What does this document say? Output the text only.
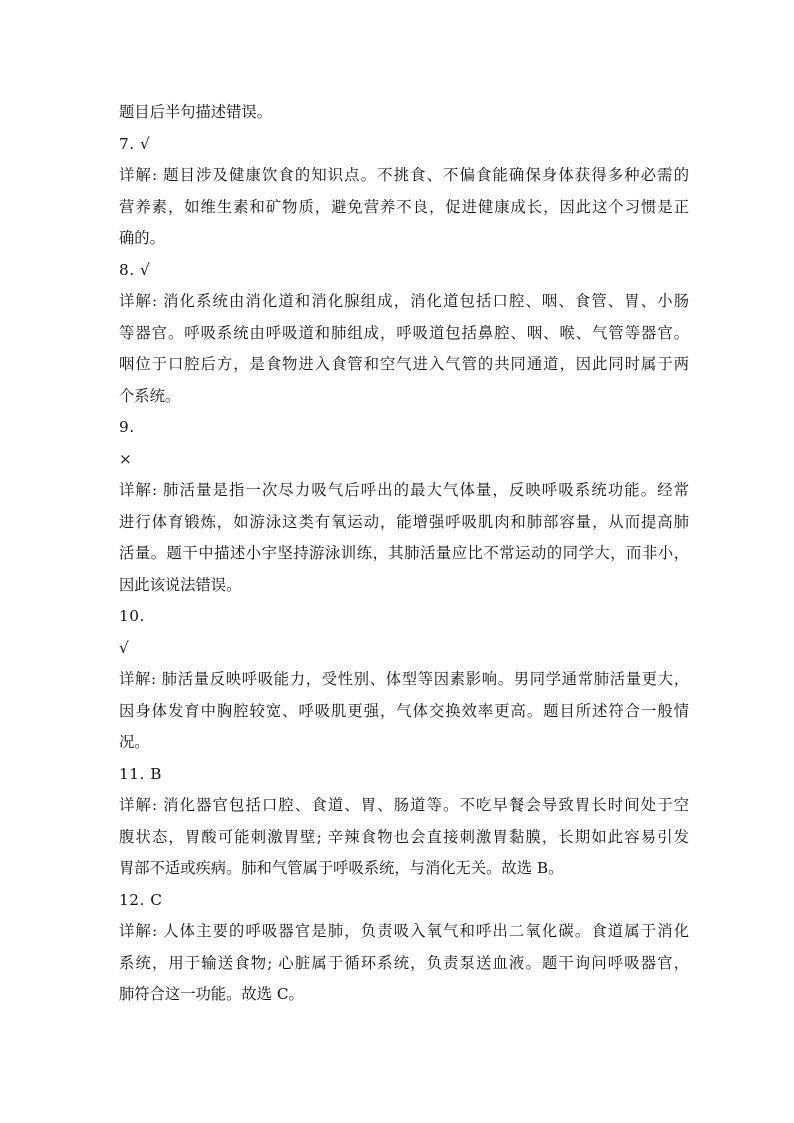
题目后半句描述错误。
7. √
详解: 题目涉及健康饮食的知识点。不挑食、不偏食能确保身体获得多种必需的
营养素，如维生素和矿物质，避免营养不良，促进健康成长，因此这个习惯是正
确的。
8. √
详解: 消化系统由消化道和消化腺组成，消化道包括口腔、咽、食管、胃、小肠
等器官。呼吸系统由呼吸道和肺组成，呼吸道包括鼻腔、咽、喉、气管等器官。
咽位于口腔后方，是食物进入食管和空气进入气管的共同通道，因此同时属于两
个系统。
9.
×
详解: 肺活量是指一次尽力吸气后呼出的最大气体量，反映呼吸系统功能。经常
进行体育锻炼，如游泳这类有氧运动，能增强呼吸肌肉和肺部容量，从而提高肺
活量。题干中描述小宇坚持游泳训练，其肺活量应比不常运动的同学大，而非小，
因此该说法错误。
10.
√
详解: 肺活量反映呼吸能力，受性别、体型等因素影响。男同学通常肺活量更大，
因身体发育中胸腔较宽、呼吸肌更强，气体交换效率更高。题目所述符合一般情
况。
11. B
详解: 消化器官包括口腔、食道、胃、肠道等。不吃早餐会导致胃长时间处于空
腹状态，胃酸可能刺激胃壁; 辛辣食物也会直接刺激胃黏膜，长期如此容易引发
胃部不适或疾病。肺和气管属于呼吸系统，与消化无关。故选 B。
12. C
详解: 人体主要的呼吸器官是肺，负责吸入氧气和呼出二氧化碳。食道属于消化
系统，用于输送食物; 心脏属于循环系统，负责泵送血液。题干询问呼吸器官，
肺符合这一功能。故选 C。
